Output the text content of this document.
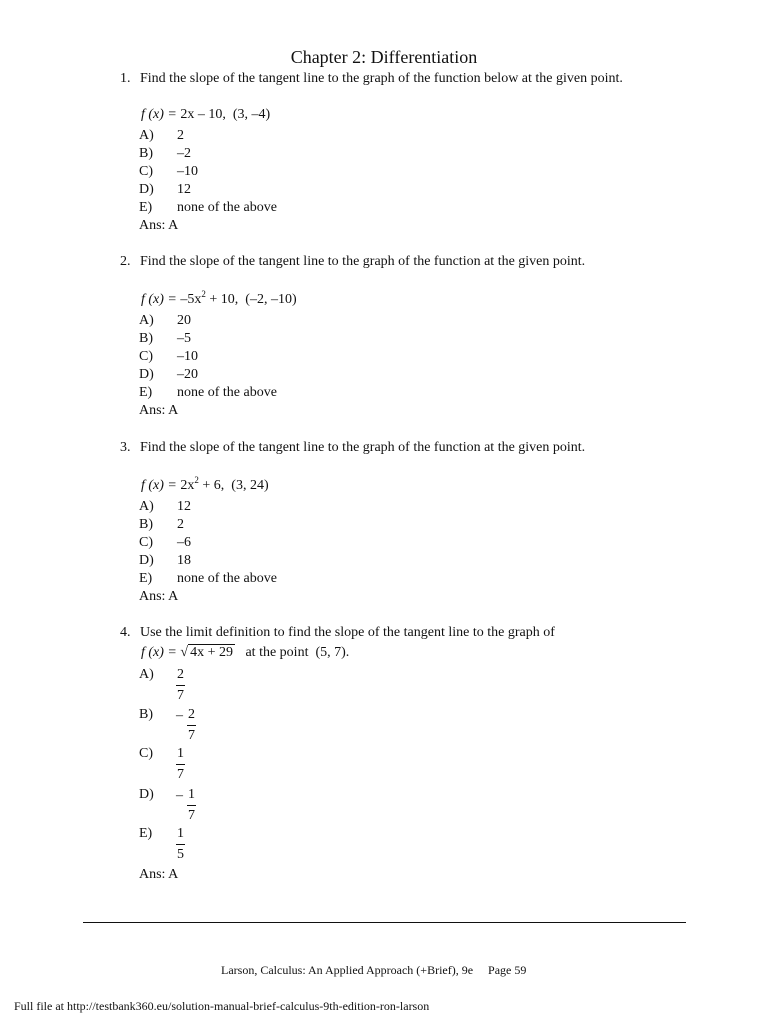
Chapter 2: Differentiation
1. Find the slope of the tangent line to the graph of the function below at the given point.
f (x) = 2x – 10, (3, –4)
A) 2
B) –2
C) –10
D) 12
E) none of the above
Ans: A
2. Find the slope of the tangent line to the graph of the function at the given point.
f $(x) = -5x^2 + 10$, (–2, –10)
A) 20
B) –5
C) –10
D) –20
E) none of the above
Ans: A
3. Find the slope of the tangent line to the graph of the function at the given point.
f $(x) = 2x^2 + 6$, (3, 24)
A) 12
B) 2
C) –6
D) 18
E) none of the above
Ans: A
4. Use the limit definition to find the slope of the tangent line to the graph of
f (x) = √ 4x + 29 at the point (5, 7).
A)	$\frac{2}{7}$
B)	– $\frac{2}{7}$
C)	$\frac{1}{7}$
D)	– $\frac{1}{7}$
E)	$\frac{1}{5}$
Ans: A
Larson, Calculus: An Applied Approach (+Brief), 9e Page 59
Full file at http://testbank360.eu/solution-manual-brief-calculus-9th-edition-ron-larson
